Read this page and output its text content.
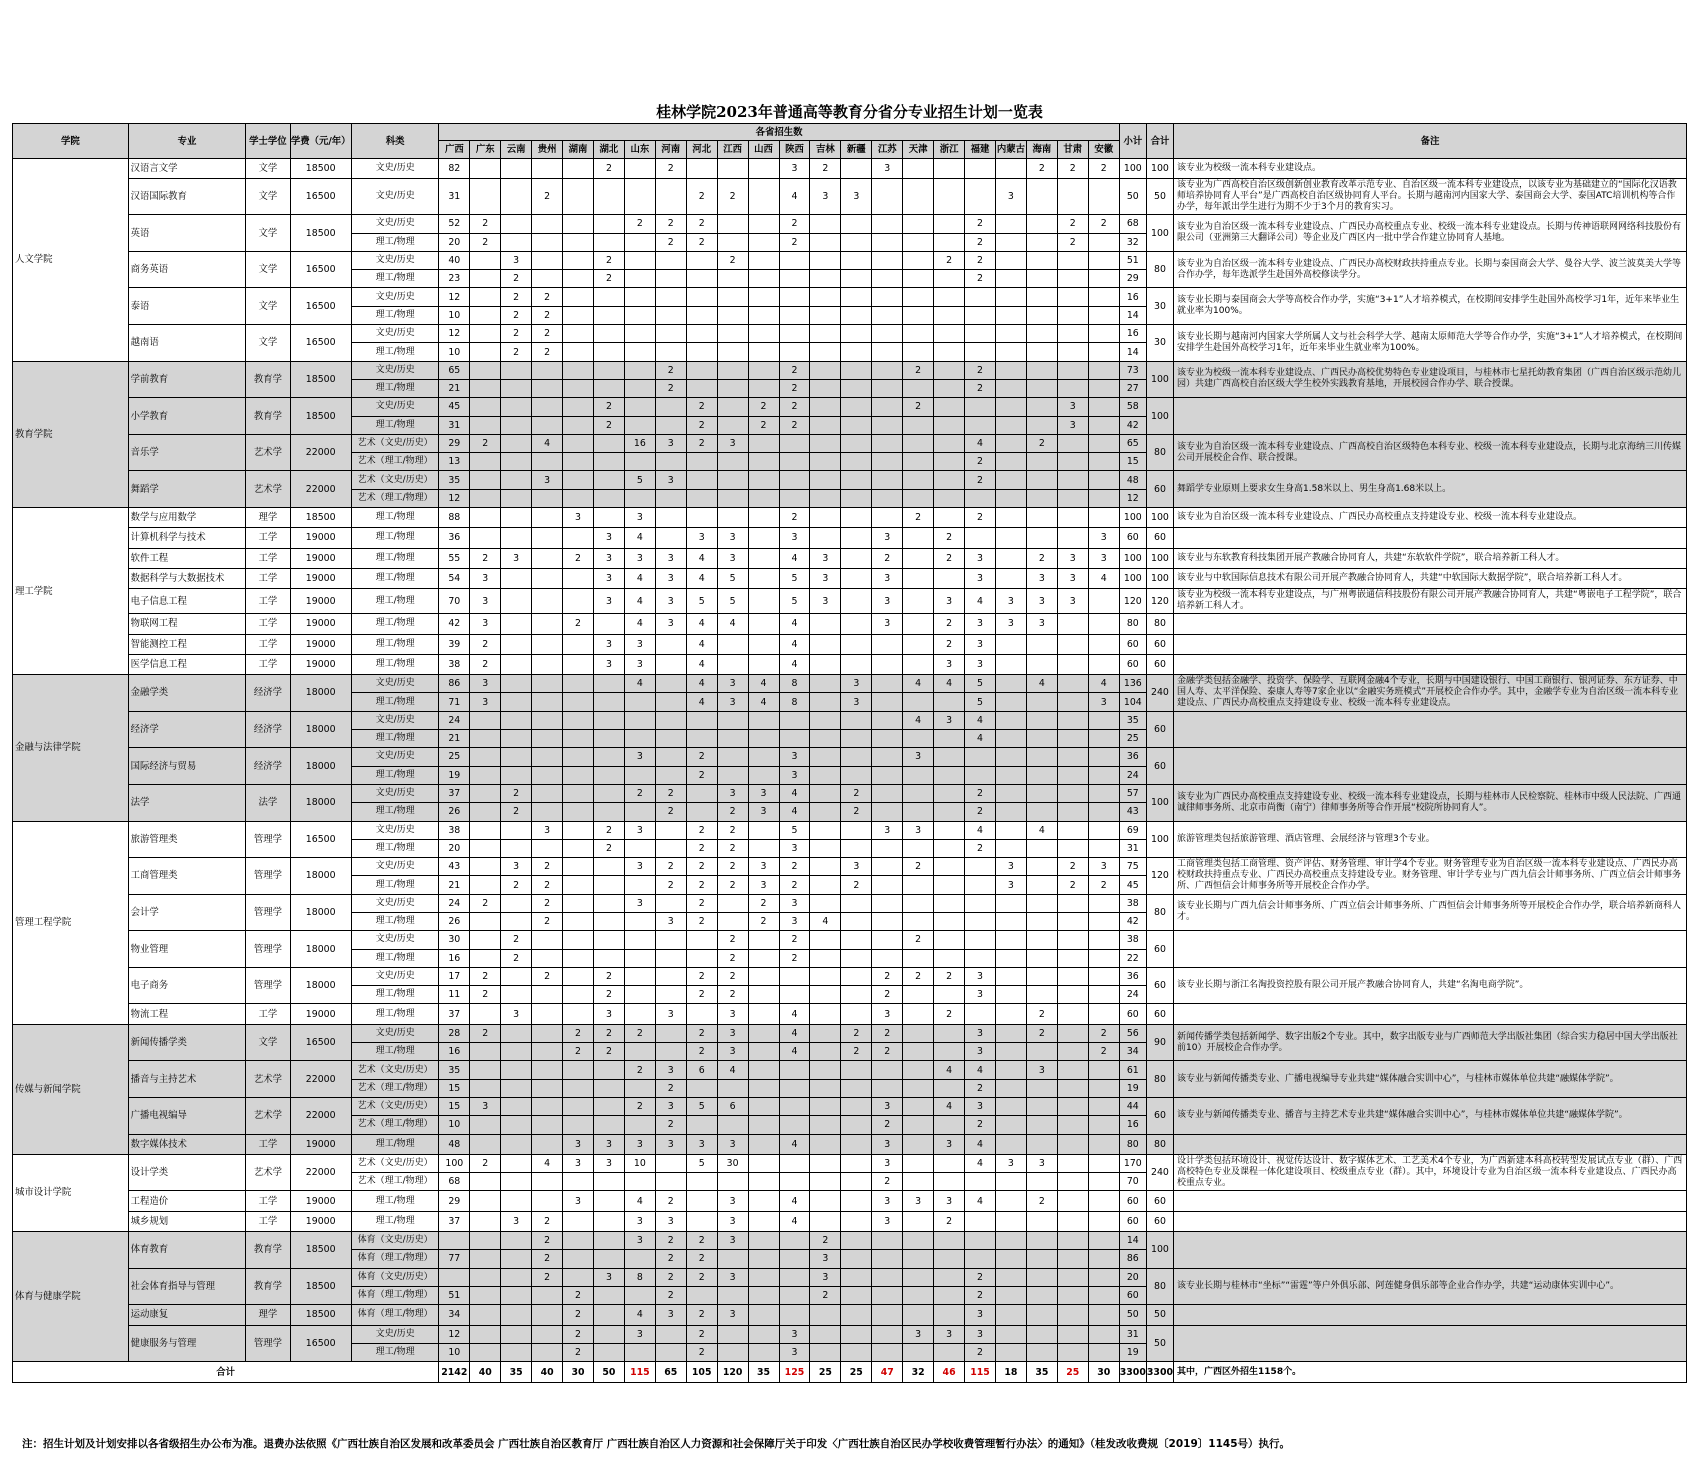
桂林学院2023年普通高等教育分省分专业招生计划一览表
学院	专业	学士学位	学费（元/年）	科类	各省招生数																						小计	合计	备注
					广西	广东	云南	贵州	湖南	湖北	山东	河南	河北	江西	山西	陕西	吉林	新疆	江苏	天津	浙江	福建	内蒙古	海南	甘肃	安徽			
人文学院	汉语言文学	文学	18500	文史/历史	82					2		2				3	2		3					2	2	2	100	100	该专业为校级一流本科专业建设点。
	汉语国际教育	文学	16500	文史/历史	31			2					2	2		4	3	3					3				50	50	该专业为广西高校自治区级创新创业教育改革示范专业、自治区级一流本科专业建设点，以该专业为基础建立的“国际化汉语教师培养协同育人平台”是广西高校自治区级协同育人平台。长期与越南河内国家大学、泰国商会大学、泰国ATC培训机构等合作办学，每年派出学生进行为期不少于3个月的教育实习。
	英语	文学	18500	文史/历史	52	2					2	2	2			2						2			2	2	68	100	该专业为自治区级一流本科专业建设点、广西民办高校重点专业、校级一流本科专业建设点。长期与传神语联网网络科技股份有限公司（亚洲第三大翻译公司）等企业及广西区内一批中学合作建立协同育人基地。
				理工/物理	20	2						2	2			2						2			2		32		
	商务英语	文学	16500	文史/历史	40		3			2				2							2	2					51	80	该专业为自治区级一流本科专业建设点、广西民办高校财政扶持重点专业。长期与泰国商会大学、曼谷大学、波兰波莫美大学等合作办学，每年选派学生赴国外高校修读学分。
				理工/物理	23		2			2												2					29		
	泰语	文学	16500	文史/历史	12		2	2																			16	30	该专业长期与泰国商会大学等高校合作办学，实施“3+1”人才培养模式，在校期间安排学生赴国外高校学习1年，近年来毕业生就业率为100%。
				理工/物理	10		2	2																			14		
	越南语	文学	16500	文史/历史	12		2	2																			16	30	该专业长期与越南河内国家大学所属人文与社会科学大学、越南太原师范大学等合作办学，实施“3+1”人才培养模式，在校期间安排学生赴国外高校学习1年，近年来毕业生就业率为100%。
				理工/物理	10		2	2																			14		
教育学院	学前教育	教育学	18500	文史/历史	65							2				2				2		2					73	100	该专业为校级一流本科专业建设点、广西民办高校优势特色专业建设项目，与桂林市七星托幼教育集团（广西自治区级示范幼儿园）共建广西高校自治区级大学生校外实践教育基地，开展校园合作办学、联合授课。
				理工/物理	21							2				2						2					27		
	小学教育	教育学	18500	文史/历史	45					2			2		2	2				2					3		58	100	
				理工/物理	31					2			2		2	2									3		42		
	音乐学	艺术学	22000	艺术（文史/历史）	29	2		4			16	3	2	3								4		2			65	80	该专业为自治区级一流本科专业建设点、广西高校自治区级特色本科专业、校级一流本科专业建设点，长期与北京海纳三川传媒公司开展校企合作、联合授课。
				艺术（理工/物理）	13																	2					15		
	舞蹈学	艺术学	22000	艺术（文史/历史）	35			3			5	3										2					48	60	舞蹈学专业原则上要求女生身高1.58米以上、男生身高1.68米以上。
				艺术（理工/物理）	12																						12		
理工学院	数学与应用数学	理学	18500	理工/物理	88				3		3					2				2		2					100	100	该专业为自治区级一流本科专业建设点、广西民办高校重点支持建设专业、校级一流本科专业建设点。
	计算机科学与技术	工学	19000	理工/物理	36					3	4		3	3		3			3		2					3	60	60	
	软件工程	工学	19000	理工/物理	55	2	3		2	3	3	3	4	3		4	3		2		2	3		2	3	3	100	100	该专业与东软教育科技集团开展产教融合协同育人，共建“东软软件学院”，联合培养新工科人才。
	数据科学与大数据技术	工学	19000	理工/物理	54	3				3	4	3	4	5		5	3		3			3		3	3	4	100	100	该专业与中软国际信息技术有限公司开展产教融合协同育人，共建“中软国际大数据学院”，联合培养新工科人才。
	电子信息工程	工学	19000	理工/物理	70	3				3	4	3	5	5		5	3		3		3	4	3	3	3		120	120	该专业为校级一流本科专业建设点，与广州粤嵌通信科技股份有限公司开展产教融合协同育人，共建“粤嵌电子工程学院”，联合培养新工科人才。
	物联网工程	工学	19000	理工/物理	42	3			2		4	3	4	4		4			3		2	3	3	3			80	80	
	智能测控工程	工学	19000	理工/物理	39	2				3	3		4			4					2	3					60	60	
	医学信息工程	工学	19000	理工/物理	38	2				3	3		4			4					3	3					60	60	
金融与法律学院	金融学类	经济学	18000	文史/历史	86	3					4		4	3	4	8		3		4	4	5		4		4	136	240	金融学类包括金融学、投资学、保险学、互联网金融4个专业，长期与中国建设银行、中国工商银行、银河证券、东方证券、中国人寿、太平洋保险、泰康人寿等7家企业以“金融实务班模式”开展校企合作办学。其中，金融学专业为自治区级一流本科专业建设点、广西民办高校重点支持建设专业、校级一流本科专业建设点。
				理工/物理	71	3							4	3	4	8		3				5				3	104		
	经济学	经济学	18000	文史/历史	24															4	3	4					35	60	
				理工/物理	21																	4					25		
	国际经济与贸易	经济学	18000	文史/历史	25						3		2			3				3							36	60	
				理工/物理	19								2			3											24		
	法学	法学	18000	文史/历史	37		2				2	2		3	3	4		2				2					57	100	该专业为广西民办高校重点支持建设专业、校级一流本科专业建设点，长期与桂林市人民检察院、桂林市中级人民法院、广西通诚律师事务所、北京市尚衡（南宁）律师事务所等合作开展“校院所协同育人”。
				理工/物理	26		2					2		2	3	4		2				2					43		
管理工程学院	旅游管理类	管理学	16500	文史/历史	38			3		2	3		2	2		5			3	3		4		4			69	100	旅游管理类包括旅游管理、酒店管理、会展经济与管理3个专业。
				理工/物理	20					2			2	2		3						2					31		
	工商管理类	管理学	18000	文史/历史	43		3	2			3	2	2	2	3	2		3		2			3		2	3	75	120	工商管理类包括工商管理、资产评估、财务管理、审计学4个专业。财务管理专业为自治区级一流本科专业建设点、广西民办高校财政扶持重点专业、广西民办高校重点支持建设专业。财务管理、审计学专业与广西九信会计师事务所、广西立信会计师事务所、广西恒信会计师事务所等开展校企合作办学。
				理工/物理	21		2	2				2	2	2	3	2		2					3		2	2	45		
	会计学	管理学	18000	文史/历史	24	2		2			3		2		2	3											38	80	该专业长期与广西九信会计师事务所、广西立信会计师事务所、广西恒信会计师事务所等开展校企合作办学，联合培养新商科人才。
				理工/物理	26			2				3	2		2	3	4										42		
	物业管理	管理学	18000	文史/历史	30		2							2		2				2							38	60	
				理工/物理	16		2							2		2											22		
	电子商务	管理学	18000	文史/历史	17	2		2		2			2	2					2	2	2	3					36	60	该专业长期与浙江名淘投资控股有限公司开展产教融合协同育人，共建“名淘电商学院”。
				理工/物理	11	2				2			2	2					2			3					24		
	物流工程	工学	19000	理工/物理	37		3			3		3		3		4			3		2			2			60	60	
传媒与新闻学院	新闻传播学类	文学	16500	文史/历史	28	2			2	2	2		2	3		4		2	2			3		2		2	56	90	新闻传播学类包括新闻学、数字出版2个专业。其中，数字出版专业与广西师范大学出版社集团（综合实力稳居中国大学出版社前10）开展校企合作办学。
				理工/物理	16				2	2			2	3		4		2	2			3				2	34		
	播音与主持艺术	艺术学	22000	艺术（文史/历史）	35						2	3	6	4							4	4		3			61	80	该专业与新闻传播类专业、广播电视编导专业共建“媒体融合实训中心”，与桂林市媒体单位共建“融媒体学院”。
				艺术（理工/物理）	15							2										2					19		
	广播电视编导	艺术学	22000	艺术（文史/历史）	15	3					2	3	5	6					3		4	3					44	60	该专业与新闻传播类专业、播音与主持艺术专业共建“媒体融合实训中心”，与桂林市媒体单位共建“融媒体学院”。
				艺术（理工/物理）	10							2							2			2					16		
	数字媒体技术	工学	19000	理工/物理	48				3	3	3	3	3	3		4			3		3	4					80	80	
城市设计学院	设计学类	艺术学	22000	艺术（文史/历史）	100	2		4	3	3	10		5	30					3			4	3	3			170	240	设计学类包括环境设计、视觉传达设计、数字媒体艺术、工艺美术4个专业，为广西新建本科高校转型发展试点专业（群）、广西高校特色专业及课程一体化建设项目、校级重点专业（群）。其中，环境设计专业为自治区级一流本科专业建设点、广西民办高校重点专业。
				艺术（理工/物理）	68														2								70		
	工程造价	工学	19000	理工/物理	29				3		4	2		3		4			3	3	3	4		2			60	60	
	城乡规划	工学	19000	理工/物理	37		3	2			3	3		3		4			3		2						60	60	
体育与健康学院	体育教育	教育学	18500	体育（文史/历史）				2			3	2	2	3			2										14	100	
				体育（理工/物理）	77			2				2	2				3										86		
	社会体育指导与管理	教育学	18500	体育（文史/历史）				2		3	8	2	2	3			3					2					20	80	该专业长期与桂林市“坐标”“雷霆”等户外俱乐部、阿莲健身俱乐部等企业合作办学，共建“运动康体实训中心”。
				体育（理工/物理）	51				2			2					2					2					60		
	运动康复	理学	18500	体育（理工/物理）	34				2		4	3	2	3								3					50	50	
	健康服务与管理	管理学	16500	文史/历史	12				2		3		2			3				3	3	3					31	50	
				理工/物理	10				2				2			3						2					19		
合计					2142	40	35	40	30	50	115	65	105	120	35	125	25	25	47	32	46	115	18	35	25	30	3300	3300	其中，广西区外招生1158个。
注：招生计划及计划安排以各省级招生办公布为准。退费办法依照《广西壮族自治区发展和改革委员会 广西壮族自治区教育厅 广西壮族自治区人力资源和社会保障厅关于印发〈广西壮族自治区民办学校收费管理暂行办法〉的通知》（桂发改收费规〔2019〕1145号）执行。
